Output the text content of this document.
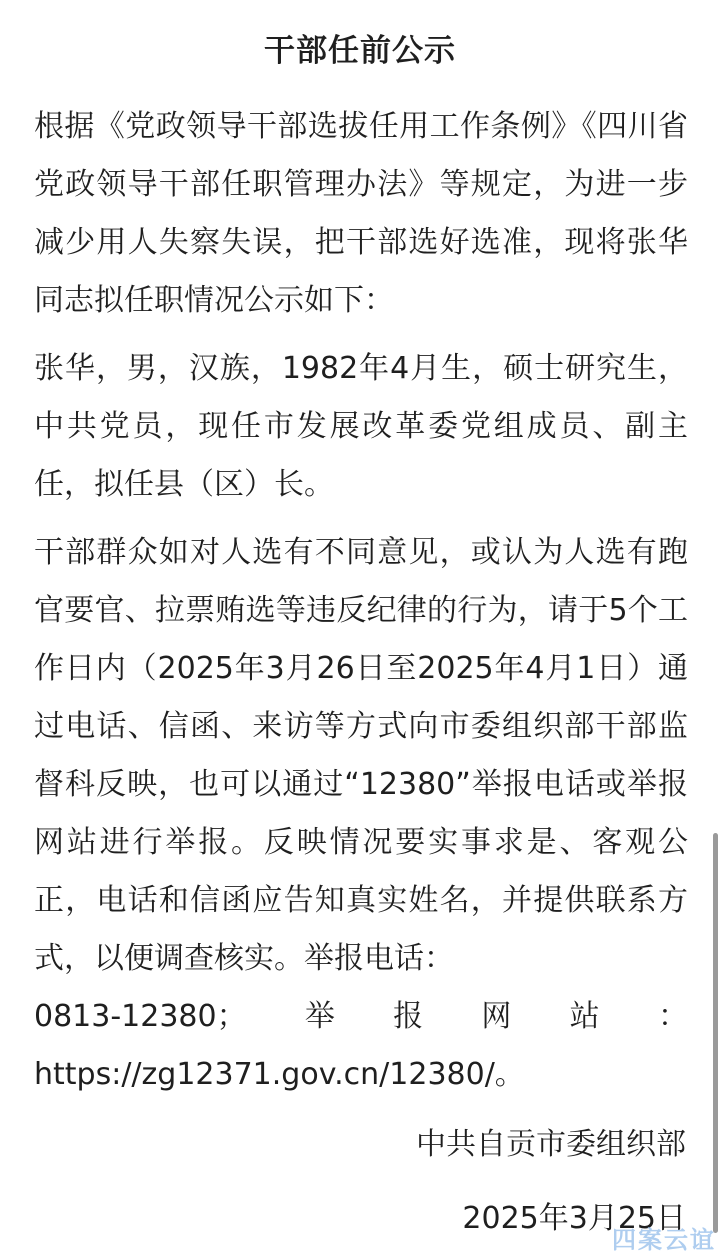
干部任前公示

根据《党政领导干部选拔任用工作条例》《四川省党政领导干部任职管理办法》等规定，为进一步减少用人失察失误，把干部选好选准，现将张华同志拟任职情况公示如下：

张华，男，汉族，1982年4月生，硕士研究生，中共党员，现任市发展改革委党组成员、副主任，拟任县（区）长。

干部群众如对人选有不同意见，或认为人选有跑官要官、拉票贿选等违反纪律的行为，请于5个工作日内（2025年3月26日至2025年4月1日）通过电话、信函、来访等方式向市委组织部干部监督科反映，也可以通过“12380”举报电话或举报网站进行举报。反映情况要实事求是、客观公正，电话和信函应告知真实姓名，并提供联系方式，以便调查核实。举报电话：
0813-12380； 举 报 网 站 ：
https://zg12371.gov.cn/12380/。
中共自贡市委组织部
2025年3月25日
四案云谊
